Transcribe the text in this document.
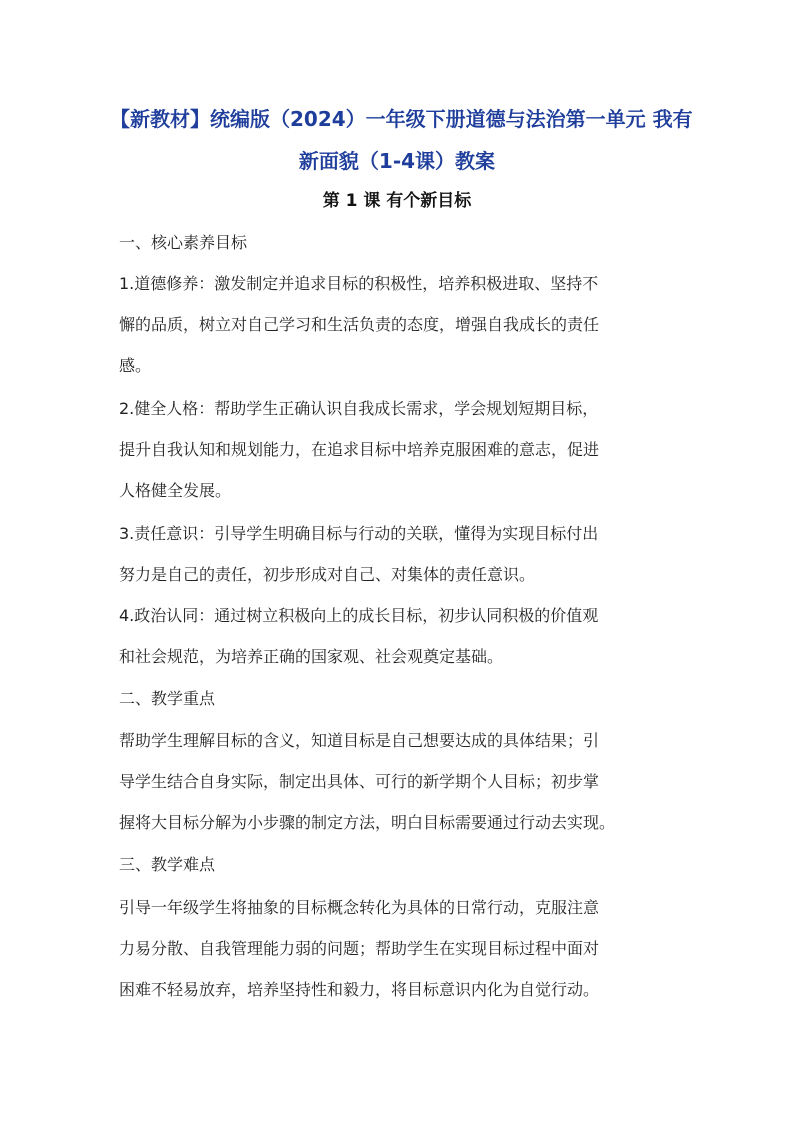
【新教材】统编版（2024）一年级下册道德与法治第一单元 我有
新面貌（1-4课）教案
第 1 课 有个新目标
一、核心素养目标
1.道德修养：激发制定并追求目标的积极性，培养积极进取、坚持不
懈的品质，树立对自己学习和生活负责的态度，增强自我成长的责任
感。
2.健全人格：帮助学生正确认识自我成长需求，学会规划短期目标，
提升自我认知和规划能力，在追求目标中培养克服困难的意志，促进
人格健全发展。
3.责任意识：引导学生明确目标与行动的关联，懂得为实现目标付出
努力是自己的责任，初步形成对自己、对集体的责任意识。
4.政治认同：通过树立积极向上的成长目标，初步认同积极的价值观
和社会规范，为培养正确的国家观、社会观奠定基础。
二、教学重点
帮助学生理解目标的含义，知道目标是自己想要达成的具体结果；引
导学生结合自身实际，制定出具体、可行的新学期个人目标；初步掌
握将大目标分解为小步骤的制定方法，明白目标需要通过行动去实现。
三、教学难点
引导一年级学生将抽象的目标概念转化为具体的日常行动，克服注意
力易分散、自我管理能力弱的问题；帮助学生在实现目标过程中面对
困难不轻易放弃，培养坚持性和毅力，将目标意识内化为自觉行动。
